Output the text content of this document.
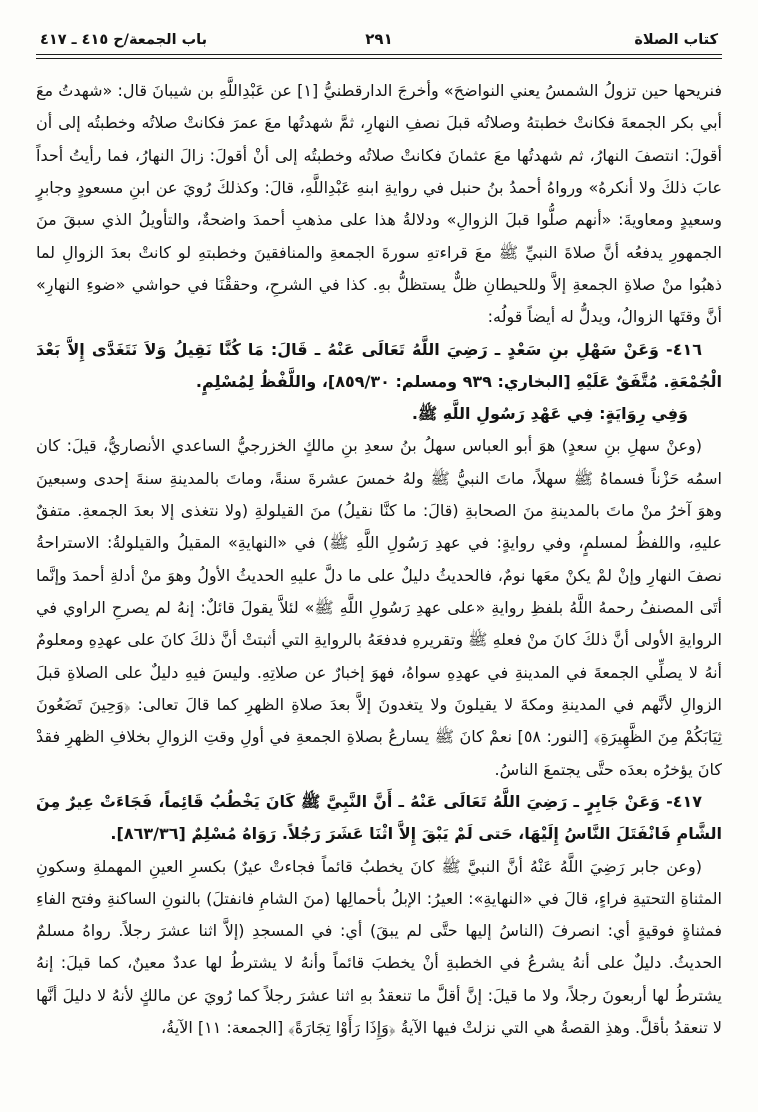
كتاب الصلاة
٢٩١
باب الجمعة/ح ٤١٥ ـ ٤١٧

فنريحها حين تزولُ الشمسُ يعني النواضحَ» وأخرجَ الدارقطنيُّ [١] عن عَبْدِاللَّهِ بن شيبانَ قال: «شهدتُ معَ أبي بكر الجمعةَ فكانتْ خطبتهُ وصلاتُه قبلَ نصفِ النهارِ، ثمَّ شهدتُها معَ عمرَ فكانتْ صلاتُه وخطبتُه إلى أن أقولَ: انتصفَ النهارُ، ثم شهدتُها معَ عثمانَ فكانتْ صلاتُه وخطبتُه إلى أنْ أقولَ: زالَ النهارُ، فما رأيتُ أحداً عابَ ذلكَ ولا أنكرهُ» ورواهُ أحمدُ بنُ حنبل في روايةِ ابنهِ عَبْدِاللَّهِ، قالَ: وكذلكَ رُويَ عن ابنِ مسعودٍ وجابرٍ وسعيدٍ ومعاويةَ: «أنهم صلُّوا قبلَ الزوالِ» ودلالةُ هذا على مذهبِ أحمدَ واضحةٌ، والتأويلُ الذي سبقَ منَ الجمهورِ يدفعُه أنَّ صلاةَ النبيِّ ﷺ معَ قراءتهِ سورةَ الجمعةِ والمنافقينَ وخطبتهِ لو كانتْ بعدَ الزوالِ لما ذهبُوا منْ صلاةِ الجمعةِ إلاَّ وللحيطانِ ظلٌّ يستظلُّ بهِ. كذا في الشرحِ، وحققْنَا في حواشي «ضوءِ النهارِ» أنَّ وقتَها الزوالُ، ويدلُّ له أيضاً قولُه:

٤١٦- وَعَنْ سَهْلِ بنِ سَعْدٍ ـ رَضِيَ اللَّهُ تَعَالَى عَنْهُ ـ قَالَ: مَا كُنَّا نَقِيلُ وَلاَ نَتَغَدَّى إِلاَّ بَعْدَ الْجُمْعَةِ. مُتَّفَقٌ عَلَيْهِ [البخاري: ٩٣٩ ومسلم: ٨٥٩/٣٠]، واللَّفْظُ لِمُسْلِمٍ.

وَفِي رِوَايَةٍ: فِي عَهْدِ رَسُولِ اللَّهِ ﷺ.

(وعنْ سهلِ بنِ سعدٍ) هوَ أبو العباس سهلُ بنُ سعدِ بنِ مالكٍ الخزرجيُّ الساعدي الأنصاريُّ، قيلَ: كان اسمُه حَزْناً فسماهُ ﷺ سهلاً، ماتَ النبيُّ ﷺ ولهُ خمسَ عشرةَ سنةً، وماتَ بالمدينةِ سنةَ إحدى وسبعينَ وهوَ آخرُ منْ ماتَ بالمدينةِ منَ الصحابةِ (قالَ: ما كنَّا نقيلُ) منَ القيلولةِ (ولا نتغذى إلا بعدَ الجمعةِ. متفقٌ عليهِ، واللفظُ لمسلمٍ، وفي روايةٍ: في عهدِ رَسُولِ اللَّهِ ﷺ) في «النهايةِ» المقيلُ والقيلولةُ: الاستراحةُ نصفَ النهارِ وإنْ لمْ يكنْ معَها نومٌ، فالحديثُ دليلٌ على ما دلَّ عليهِ الحديثُ الأولُ وهوَ منْ أدلةِ أحمدَ وإنَّما أتَى المصنفُ رحمهُ اللَّهُ بلفظِ روايةِ «على عهدِ رَسُولِ اللَّهِ ﷺ» لئلاَّ يقولَ قائلٌ: إنهُ لم يصرحِ الراوي في الروايةِ الأولى أنَّ ذلكَ كانَ منْ فعلهِ ﷺ وتقريرهِ فدفعَهُ بالروايةِ التي أثبتتْ أنَّ ذلكَ كانَ على عهدِهِ ومعلومٌ أنهُ لا يصلِّي الجمعةَ في المدينةِ في عهدِهِ سواهُ، فهوَ إخبارٌ عن صلاتِهِ. وليسَ فيهِ دليلٌ على الصلاةِ قبلَ الزوالِ لأنَّهم في المدينةِ ومكةَ لا يقيلونَ ولا يتغدونَ إلاَّ بعدَ صلاةِ الظهرِ كما قالَ تعالى: ﴿وَحِينَ تَضَعُونَ ثِيَابَكُمْ مِنَ الظَّهِيرَةِ﴾ [النور: ٥٨] نعمْ كانَ ﷺ يسارعُ بصلاةِ الجمعةِ في أولِ وقتِ الزوالِ بخلافِ الظهرِ فقدْ كانَ يؤخرُه بعدَه حتَّى يجتمعَ الناسُ.

٤١٧- وَعَنْ جَابِرٍ ـ رَضِيَ اللَّهُ تَعَالَى عَنْهُ ـ أَنَّ النَّبِيَّ ﷺ كَانَ يَخْطُبُ قَائِماً، فَجَاءَتْ عِيرٌ مِنَ الشَّامِ فَانْفَتَلَ النَّاسُ إِلَيْهَا، حَتى لَمْ يَبْقَ إِلاَّ اثْنَا عَشَرَ رَجُلاً. رَوَاهُ مُسْلِمٌ [٨٦٣/٣٦].

(وعن جابر رَضِيَ اللَّهُ عَنْهُ أنَّ النبيَّ ﷺ كانَ يخطبُ قائماً فجاءتْ عيرٌ) بكسرِ العينِ المهملةِ وسكونِ المثناةِ التحتيةِ فراءٍ، قالَ في «النهايةِ»: العيرُ: الإبلُ بأحمالِها (منَ الشامِ فانفتلَ) بالنونِ الساكنةِ وفتح الفاءِ فمثناةٍ فوقيةٍ أي: انصرفَ (الناسُ إليها حتَّى لم يبقَ) أي: في المسجدِ (إلاَّ اثنا عشرَ رجلاً. رواهُ مسلمٌ الحديثُ. دليلٌ على أنهُ يشرعُ في الخطبةِ أنْ يخطبَ قائماً وأنهُ لا يشترطُ لها عددٌ معينٌ، كما قيلَ: إنهُ يشترطُ لها أربعونَ رجلاً، ولا ما قيلَ: إنَّ أقلَّ ما تنعقدُ بهِ اثنا عشرَ رجلاً كما رُويَ عن مالكٍ لأنهُ لا دليلَ أنَّها لا تنعقدُ بأقلَّ. وهذِ القصةُ هي التي نزلتْ فيها الآيةُ ﴿وَإِذَا رَأَوْا تِجَارَةً﴾ [الجمعة: ١١] الآيةُ،
